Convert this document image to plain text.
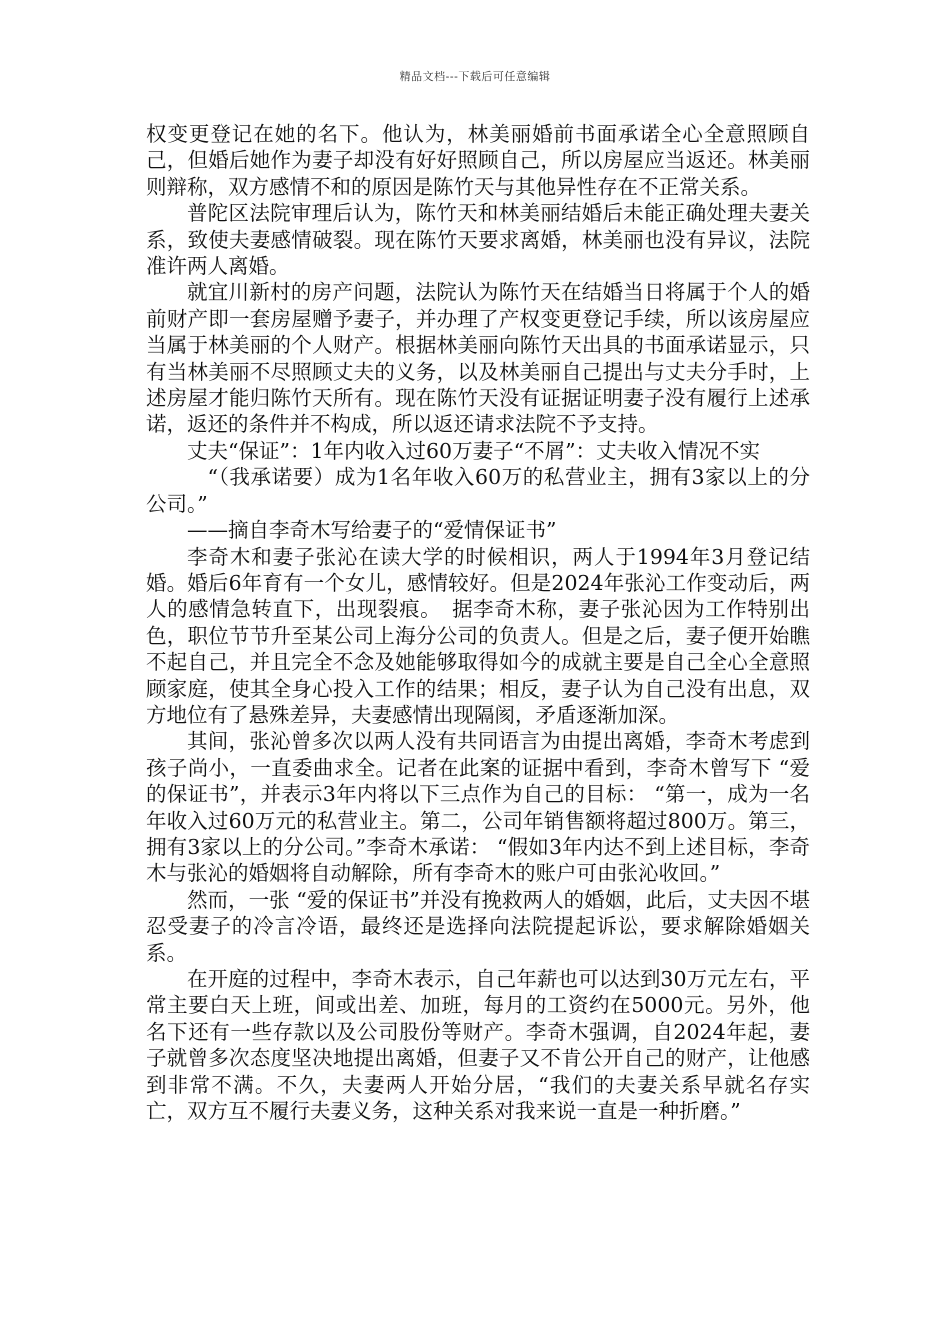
精品文档---下载后可任意编辑

权变更登记在她的名下。他认为，林美丽婚前书面承诺全心全意照顾自己，但婚后她作为妻子却没有好好照顾自己，所以房屋应当返还。林美丽则辩称，双方感情不和的原因是陈竹天与其他异性存在不正常关系。

普陀区法院审理后认为，陈竹天和林美丽结婚后未能正确处理夫妻关系，致使夫妻感情破裂。现在陈竹天要求离婚，林美丽也没有异议，法院准许两人离婚。

就宜川新村的房产问题，法院认为陈竹天在结婚当日将属于个人的婚前财产即一套房屋赠予妻子，并办理了产权变更登记手续，所以该房屋应当属于林美丽的个人财产。根据林美丽向陈竹天出具的书面承诺显示，只有当林美丽不尽照顾丈夫的义务，以及林美丽自己提出与丈夫分手时，上述房屋才能归陈竹天所有。现在陈竹天没有证据证明妻子没有履行上述承诺，返还的条件并不构成，所以返还请求法院不予支持。

丈夫“保证”：1年内收入过60万妻子“不屑”：丈夫收入情况不实

“（我承诺要）成为1名年收入60万的私营业主，拥有3家以上的分公司。”

——摘自李奇木写给妻子的“爱情保证书”

李奇木和妻子张沁在读大学的时候相识，两人于1994年3月登记结婚。婚后6年育有一个女儿，感情较好。但是2024年张沁工作变动后，两人的感情急转直下，出现裂痕。　据李奇木称，妻子张沁因为工作特别出色，职位节节升至某公司上海分公司的负责人。但是之后，妻子便开始瞧不起自己，并且完全不念及她能够取得如今的成就主要是自己全心全意照顾家庭，使其全身心投入工作的结果；相反，妻子认为自己没有出息，双方地位有了悬殊差异，夫妻感情出现隔阂，矛盾逐渐加深。

其间，张沁曾多次以两人没有共同语言为由提出离婚，李奇木考虑到孩子尚小，一直委曲求全。记者在此案的证据中看到，李奇木曾写下 “爱的保证书”，并表示3年内将以下三点作为自己的目标： “第一，成为一名年收入过60万元的私营业主。第二，公司年销售额将超过800万。第三，拥有3家以上的分公司。”李奇木承诺： “假如3年内达不到上述目标，李奇木与张沁的婚姻将自动解除，所有李奇木的账户可由张沁收回。”

然而，一张 “爱的保证书”并没有挽救两人的婚姻，此后，丈夫因不堪忍受妻子的冷言冷语，最终还是选择向法院提起诉讼，要求解除婚姻关系。

在开庭的过程中，李奇木表示，自己年薪也可以达到30万元左右，平常主要白天上班，间或出差、加班，每月的工资约在5000元。另外，他名下还有一些存款以及公司股份等财产。李奇木强调，自2024年起，妻子就曾多次态度坚决地提出离婚，但妻子又不肯公开自己的财产，让他感到非常不满。不久，夫妻两人开始分居，“我们的夫妻关系早就名存实亡，双方互不履行夫妻义务，这种关系对我来说一直是一种折磨。”
